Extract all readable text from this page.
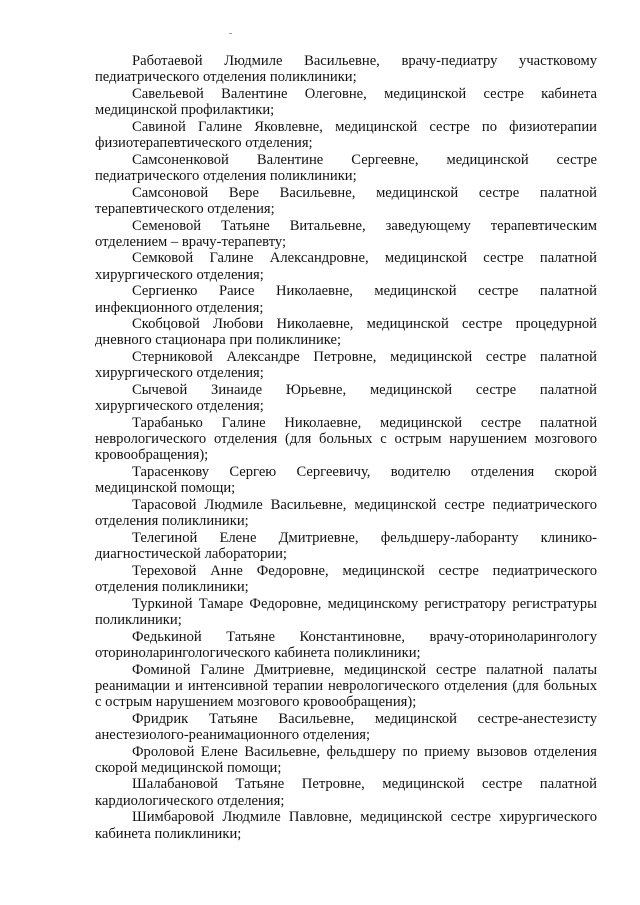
Работаевой Людмиле Васильевне, врачу-педиатру участковому педиатрического отделения поликлиники;

Савельевой Валентине Олеговне, медицинской сестре кабинета медицинской профилактики;

Савиной Галине Яковлевне, медицинской сестре по физиотерапии физиотерапевтического отделения;

Самсоненковой Валентине Сергеевне, медицинской сестре педиатрического отделения поликлиники;

Самсоновой Вере Васильевне, медицинской сестре палатной терапевтического отделения;

Семеновой Татьяне Витальевне, заведующему терапевтическим отделением – врачу-терапевту;

Семковой Галине Александровне, медицинской сестре палатной хирургического отделения;

Сергиенко Раисе Николаевне, медицинской сестре палатной инфекционного отделения;

Скобцовой Любови Николаевне, медицинской сестре процедурной дневного стационара при поликлинике;

Стерниковой Александре Петровне, медицинской сестре палатной хирургического отделения;

Сычевой Зинаиде Юрьевне, медицинской сестре палатной хирургического отделения;

Тарабанько Галине Николаевне, медицинской сестре палатной неврологического отделения (для больных с острым нарушением мозгового кровообращения);

Тарасенкову Сергею Сергеевичу, водителю отделения скорой медицинской помощи;

Тарасовой Людмиле Васильевне, медицинской сестре педиатрического отделения поликлиники;

Телегиной Елене Дмитриевне, фельдшеру-лаборанту клинико-диагностической лаборатории;

Тереховой Анне Федоровне, медицинской сестре педиатрического отделения поликлиники;

Туркиной Тамаре Федоровне, медицинскому регистратору регистратуры поликлиники;

Федькиной Татьяне Константиновне, врачу-оториноларингологу оториноларингологического кабинета поликлиники;

Фоминой Галине Дмитриевне, медицинской сестре палатной палаты реанимации и интенсивной терапии неврологического отделения (для больных с острым нарушением мозгового кровообращения);

Фридрик Татьяне Васильевне, медицинской сестре-анестезисту анестезиолого-реанимационного отделения;

Фроловой Елене Васильевне, фельдшеру по приему вызовов отделения скорой медицинской помощи;

Шалабановой Татьяне Петровне, медицинской сестре палатной кардиологического отделения;

Шимбаровой Людмиле Павловне, медицинской сестре хирургического кабинета поликлиники;
